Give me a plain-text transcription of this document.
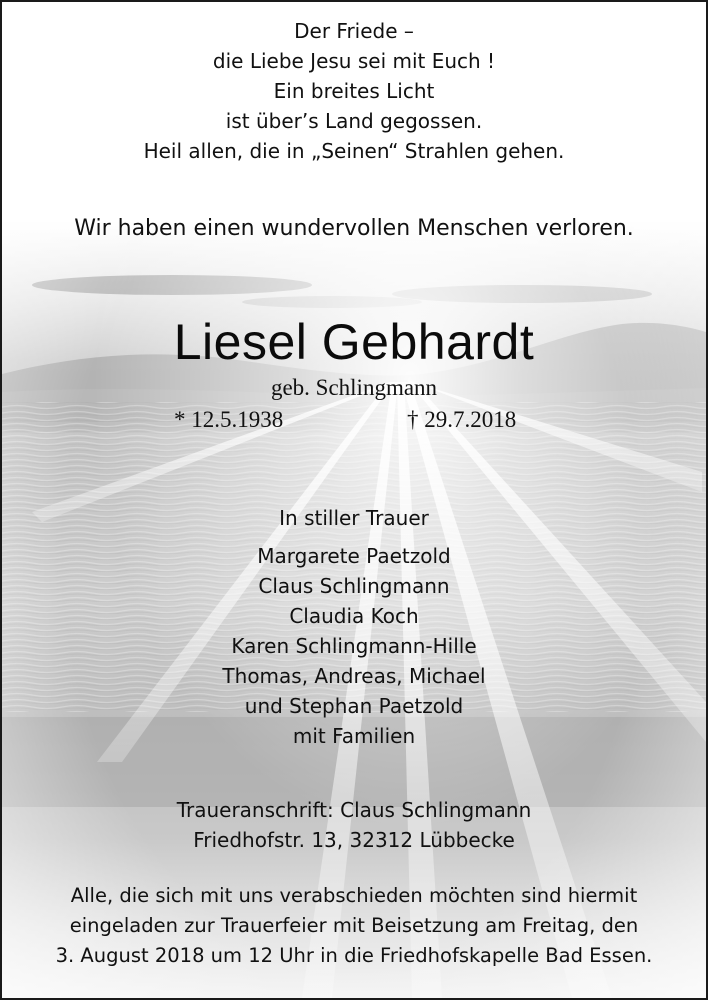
Der Friede –
die Liebe Jesu sei mit Euch !
Ein breites Licht
ist über’s Land gegossen.
Heil allen, die in „Seinen“ Strahlen gehen.
Wir haben einen wundervollen Menschen verloren.
Liesel Gebhardt
geb. Schlingmann
* 12.5.1938	† 29.7.2018
In stiller Trauer
Margarete Paetzold
Claus Schlingmann
Claudia Koch
Karen Schlingmann-Hille
Thomas, Andreas, Michael
und Stephan Paetzold
mit Familien
Traueranschrift: Claus Schlingmann
Friedhofstr. 13, 32312 Lübbecke
Alle, die sich mit uns verabschieden möchten sind hiermit
eingeladen zur Trauerfeier mit Beisetzung am Freitag, den
3. August 2018 um 12 Uhr in die Friedhofskapelle Bad Essen.
